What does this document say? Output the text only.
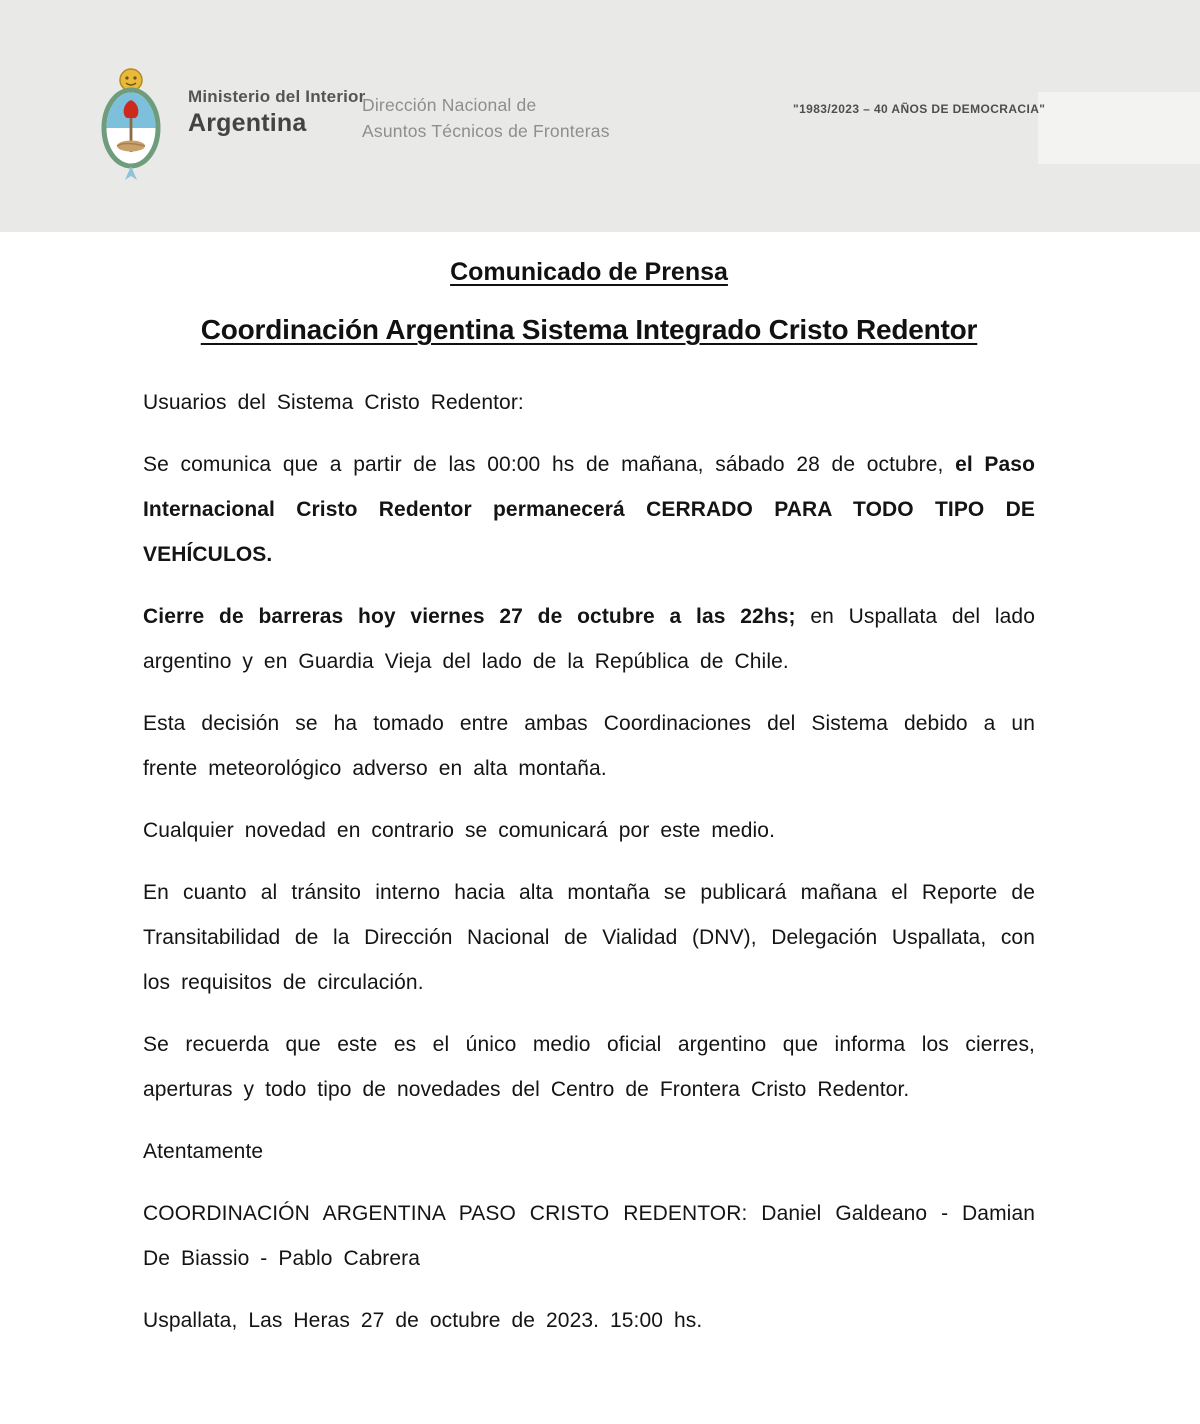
Ministerio del Interior
Argentina
Dirección Nacional de
Asuntos Técnicos de Fronteras
"1983/2023 – 40 AÑOS DE DEMOCRACIA"
Comunicado de Prensa
Coordinación Argentina Sistema Integrado Cristo Redentor

Usuarios del Sistema Cristo Redentor:

Se comunica que a partir de las 00:00 hs de mañana, sábado 28 de octubre, el Paso Internacional Cristo Redentor permanecerá CERRADO PARA TODO TIPO DE VEHÍCULOS.

Cierre de barreras hoy viernes 27 de octubre a las 22hs; en Uspallata del lado argentino y en Guardia Vieja del lado de la República de Chile.

Esta decisión se ha tomado entre ambas Coordinaciones del Sistema debido a un frente meteorológico adverso en alta montaña.

Cualquier novedad en contrario se comunicará por este medio.

En cuanto al tránsito interno hacia alta montaña se publicará mañana el Reporte de Transitabilidad de la Dirección Nacional de Vialidad (DNV), Delegación Uspallata, con los requisitos de circulación.

Se recuerda que este es el único medio oficial argentino que informa los cierres, aperturas y todo tipo de novedades del Centro de Frontera Cristo Redentor.

Atentamente

COORDINACIÓN ARGENTINA PASO CRISTO REDENTOR: Daniel Galdeano - Damian De Biassio - Pablo Cabrera

Uspallata, Las Heras 27 de octubre de 2023. 15:00 hs.
